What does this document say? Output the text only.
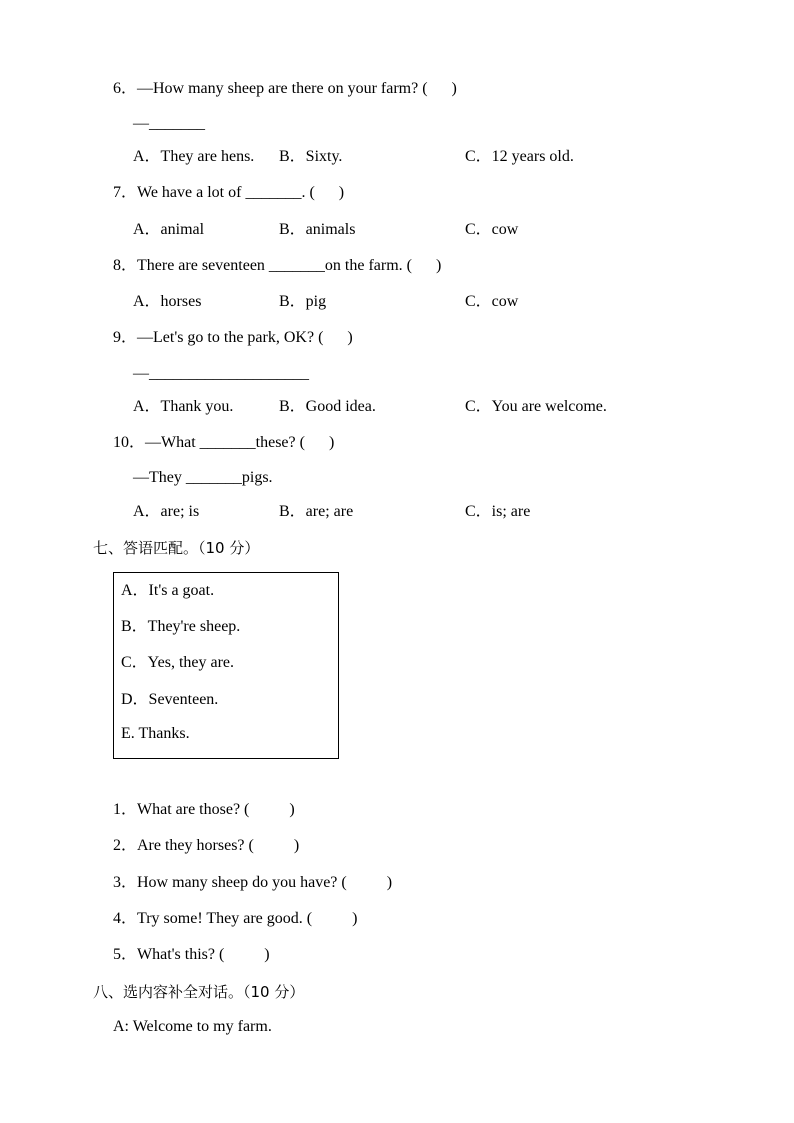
6．—How many sheep are there on your farm? (      )
—_______
A．They are hens. B．Sixty.	C．12 years old.
7．We have a lot of _______. (      )
A．animal	B．animals	C．cow
8．There are seventeen _______on the farm. (      )
A．horses	B．pig	C．cow
9．—Let's go to the park, OK? (      )
—____________________
A．Thank you.	B．Good idea.	C．You are welcome.
10．—What _______these? (      )
—They _______pigs.
A．are; is	B．are; are	C．is; are
七、答语匹配。（10 分）
A．It's a goat.
B．They're sheep.
C．Yes, they are.
D．Seventeen.
E. Thanks.
1．What are those? (          )
2．Are they horses? (          )
3．How many sheep do you have? (          )
4．Try some! They are good. (          )
5．What's this? (          )
八、选内容补全对话。（10 分）
A: Welcome to my farm.
